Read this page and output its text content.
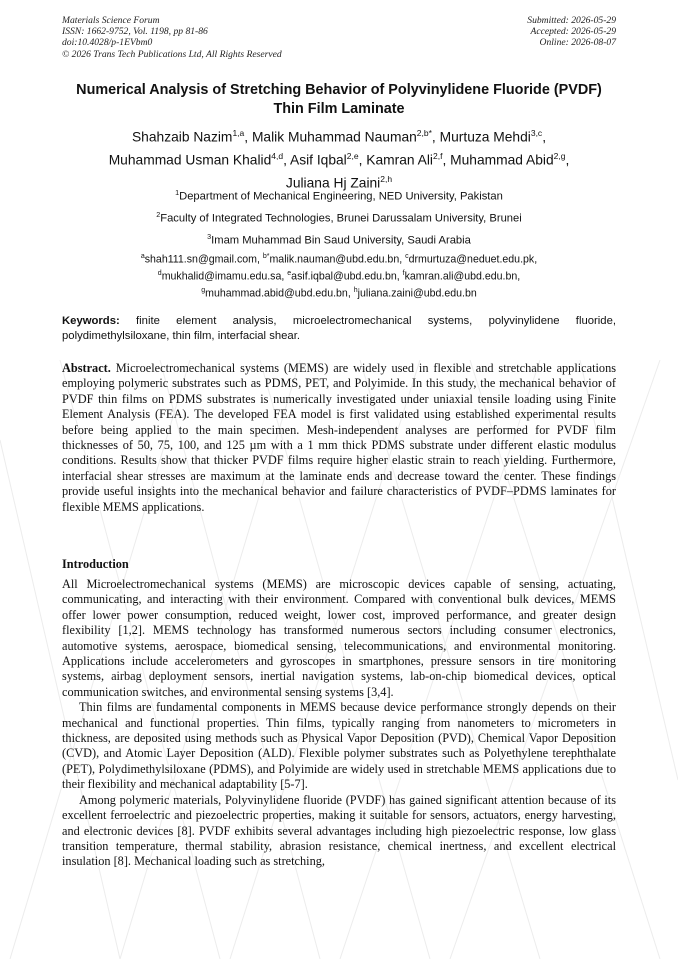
Materials Science Forum
ISSN: 1662-9752, Vol. 1198, pp 81-86
doi:10.4028/p-1EVbm0
© 2026 Trans Tech Publications Ltd, All Rights Reserved
Submitted: 2026-05-29
Accepted: 2026-05-29
Online: 2026-08-07
Numerical Analysis of Stretching Behavior of Polyvinylidene Fluoride (PVDF) Thin Film Laminate
Shahzaib Nazim$^{1,a}$, Malik Muhammad Nauman$^{2,b*}$, Murtuza Mehdi$^{3,c}$,
Muhammad Usman Khalid$^{4,d}$, Asif Iqbal$^{2,e}$, Kamran Ali$^{2,f}$, Muhammad Abid$^{2,g}$,
Juliana Hj Zaini$^{2,h}$
$^1$Department of Mechanical Engineering, NED University, Pakistan
$^2$Faculty of Integrated Technologies, Brunei Darussalam University, Brunei
$^3$Imam Muhammad Bin Saud University, Saudi Arabia
$^a$shah111.sn@gmail.com, $^{b*}$malik.nauman@ubd.edu.bn, $^c$drmurtuza@neduet.edu.pk,
$^d$mukhalid@imamu.edu.sa, $^e$asif.iqbal@ubd.edu.bn, $^f$kamran.ali@ubd.edu.bn,
$^g$muhammad.abid@ubd.edu.bn, $^h$juliana.zaini@ubd.edu.bn
Keywords: finite element analysis, microelectromechanical systems, polyvinylidene fluoride, polydimethylsiloxane, thin film, interfacial shear.
Abstract. Microelectromechanical systems (MEMS) are widely used in flexible and stretchable applications employing polymeric substrates such as PDMS, PET, and Polyimide. In this study, the mechanical behavior of PVDF thin films on PDMS substrates is numerically investigated under uniaxial tensile loading using Finite Element Analysis (FEA). The developed FEA model is first validated using established experimental results before being applied to the main specimen. Mesh-independent analyses are performed for PVDF film thicknesses of 50, 75, 100, and 125 µm with a 1 mm thick PDMS substrate under different elastic modulus conditions. Results show that thicker PVDF films require higher elastic strain to reach yielding. Furthermore, interfacial shear stresses are maximum at the laminate ends and decrease toward the center. These findings provide useful insights into the mechanical behavior and failure characteristics of PVDF–PDMS laminates for flexible MEMS applications.
Introduction

All Microelectromechanical systems (MEMS) are microscopic devices capable of sensing, actuating, communicating, and interacting with their environment. Compared with conventional bulk devices, MEMS offer lower power consumption, reduced weight, lower cost, improved performance, and greater design flexibility [1,2]. MEMS technology has transformed numerous sectors including consumer electronics, automotive systems, aerospace, biomedical sensing, telecommunications, and environmental monitoring. Applications include accelerometers and gyroscopes in smartphones, pressure sensors in tire monitoring systems, airbag deployment sensors, inertial navigation systems, lab-on-chip biomedical devices, optical communication switches, and environmental sensing systems [3,4].

Thin films are fundamental components in MEMS because device performance strongly depends on their mechanical and functional properties. Thin films, typically ranging from nanometers to micrometers in thickness, are deposited using methods such as Physical Vapor Deposition (PVD), Chemical Vapor Deposition (CVD), and Atomic Layer Deposition (ALD). Flexible polymer substrates such as Polyethylene terephthalate (PET), Polydimethylsiloxane (PDMS), and Polyimide are widely used in stretchable MEMS applications due to their flexibility and mechanical adaptability [5-7].

Among polymeric materials, Polyvinylidene fluoride (PVDF) has gained significant attention because of its excellent ferroelectric and piezoelectric properties, making it suitable for sensors, actuators, energy harvesting, and electronic devices [8]. PVDF exhibits several advantages including high piezoelectric response, low glass transition temperature, thermal stability, abrasion resistance, chemical inertness, and excellent electrical insulation [8]. Mechanical loading such as stretching,
